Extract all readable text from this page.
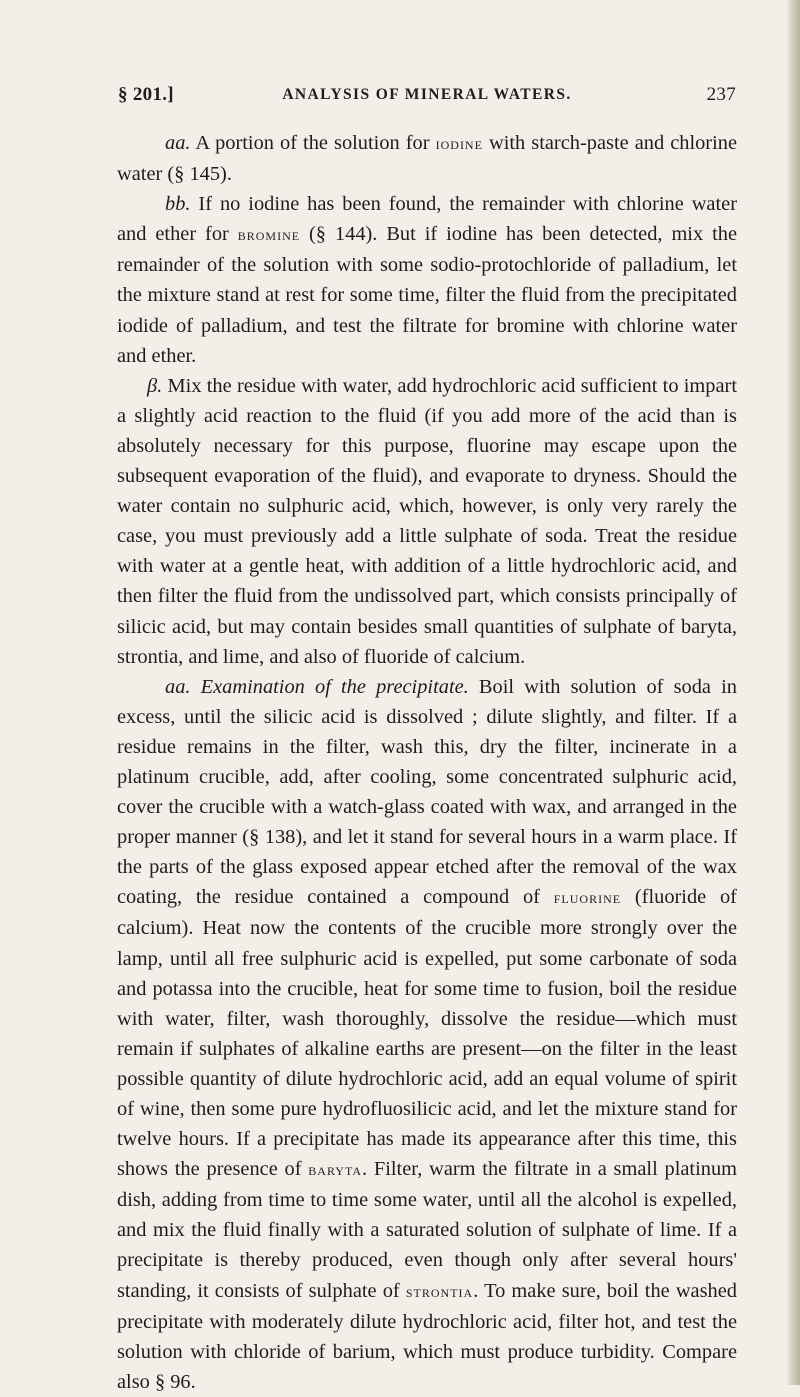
§ 201.]	ANALYSIS OF MINERAL WATERS.	237

aa. A portion of the solution for iodine with starch-paste and chlorine water (§ 145).

bb. If no iodine has been found, the remainder with chlorine water and ether for bromine (§ 144). But if iodine has been detected, mix the remainder of the solution with some sodio-protochloride of palladium, let the mixture stand at rest for some time, filter the fluid from the precipitated iodide of palladium, and test the filtrate for bromine with chlorine water and ether.

β. Mix the residue with water, add hydrochloric acid sufficient to impart a slightly acid reaction to the fluid (if you add more of the acid than is absolutely necessary for this purpose, fluorine may escape upon the subsequent evaporation of the fluid), and evaporate to dryness. Should the water contain no sulphuric acid, which, however, is only very rarely the case, you must previously add a little sulphate of soda. Treat the residue with water at a gentle heat, with addition of a little hydrochloric acid, and then filter the fluid from the undissolved part, which consists principally of silicic acid, but may contain besides small quantities of sulphate of baryta, strontia, and lime, and also of fluoride of calcium.

aa. Examination of the precipitate. Boil with solution of soda in excess, until the silicic acid is dissolved ; dilute slightly, and filter. If a residue remains in the filter, wash this, dry the filter, incinerate in a platinum crucible, add, after cooling, some concentrated sulphuric acid, cover the crucible with a watch-glass coated with wax, and arranged in the proper manner (§ 138), and let it stand for several hours in a warm place. If the parts of the glass exposed appear etched after the removal of the wax coating, the residue contained a compound of fluorine (fluoride of calcium). Heat now the contents of the crucible more strongly over the lamp, until all free sulphuric acid is expelled, put some carbonate of soda and potassa into the crucible, heat for some time to fusion, boil the residue with water, filter, wash thoroughly, dissolve the residue—which must remain if sulphates of alkaline earths are present—on the filter in the least possible quantity of dilute hydrochloric acid, add an equal volume of spirit of wine, then some pure hydrofluosilicic acid, and let the mixture stand for twelve hours. If a precipitate has made its appearance after this time, this shows the presence of baryta. Filter, warm the filtrate in a small platinum dish, adding from time to time some water, until all the alcohol is expelled, and mix the fluid finally with a saturated solution of sulphate of lime. If a precipitate is thereby produced, even though only after several hours' standing, it consists of sulphate of strontia. To make sure, boil the washed precipitate with moderately dilute hydrochloric acid, filter hot, and test the solution with chloride of barium, which must produce turbidity. Compare also § 96.
